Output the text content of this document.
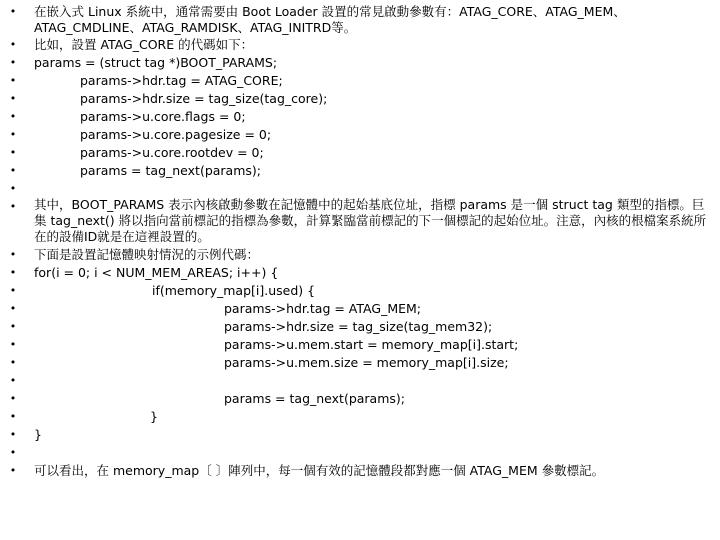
•
•
•
•
•
•
•
•
•
•
•
•
•
•
•
•
•
•
•
•
•
•
•
•
在嵌入式 Linux 系統中，通常需要由 Boot Loader 設置的常見啟動參數有：ATAG_CORE、ATAG_MEM、ATAG_CMDLINE、ATAG_RAMDISK、ATAG_INITRD等。
比如，設置 ATAG_CORE 的代碼如下：
params = (struct tag *)BOOT_PARAMS;
params->hdr.tag = ATAG_CORE;
params->hdr.size = tag_size(tag_core);
params->u.core.flags = 0;
params->u.core.pagesize = 0;
params->u.core.rootdev = 0;
params = tag_next(params);
其中，BOOT_PARAMS 表示內核啟動參數在記憶體中的起始基底位址，指標 params 是一個 struct tag 類型的指標。巨集 tag_next() 將以指向當前標記的指標為參數，計算緊臨當前標記的下一個標記的起始位址。注意，內核的根檔案系統所在的設備ID就是在這裡設置的。
下面是設置記憶體映射情況的示例代碼：
for(i = 0; i < NUM_MEM_AREAS; i++) {
if(memory_map[i].used) {
params->hdr.tag = ATAG_MEM;
params->hdr.size = tag_size(tag_mem32);
params->u.mem.start = memory_map[i].start;
params->u.mem.size = memory_map[i].size;
params = tag_next(params);
}
}
可以看出，在 memory_map〔 〕陣列中，每一個有效的記憶體段都對應一個 ATAG_MEM 參數標記。
